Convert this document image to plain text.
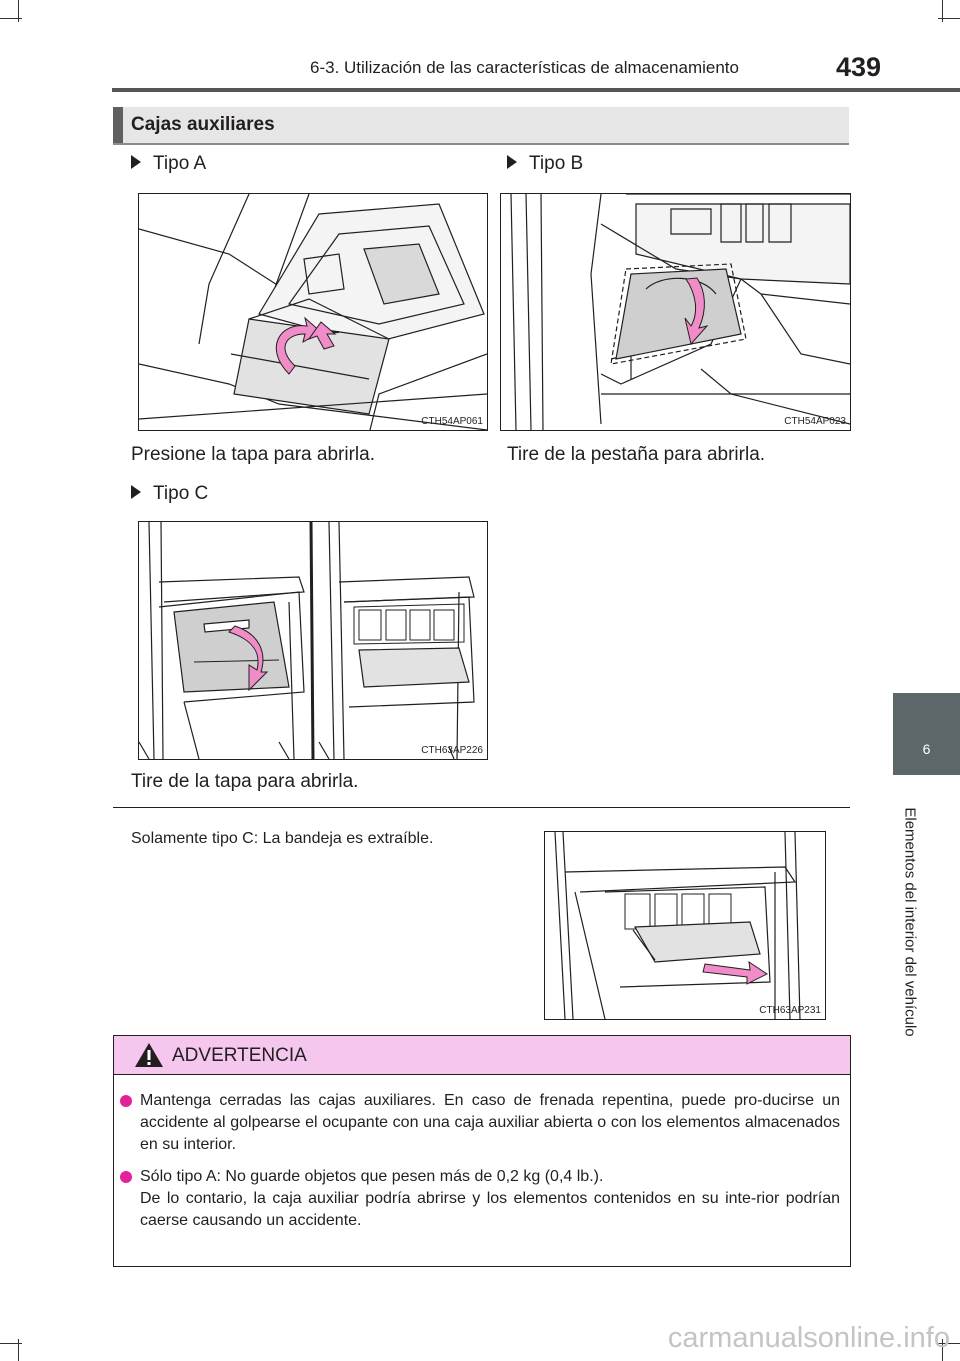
6-3. Utilización de las características de almacenamiento	439
Cajas auxiliares
Tipo A
CTH54AP061
Presione la tapa para abrirla.
Tipo B
CTH54AP023
Tire de la pestaña para abrirla.
Tipo C
CTH63AP226
Tire de la tapa para abrirla.
Solamente tipo C: La bandeja es extraíble.
CTH63AP231
ADVERTENCIA
Mantenga cerradas las cajas auxiliares. En caso de frenada repentina, puede pro-ducirse un accidente al golpearse el ocupante con una caja auxiliar abierta o con los elementos almacenados en su interior.
Sólo tipo A: No guarde objetos que pesen más de 0,2 kg (0,4 lb.).
De lo contario, la caja auxiliar podría abrirse y los elementos contenidos en su inte-rior podrían caerse causando un accidente.
6
Elementos del interior del vehículo
carmanualsonline.info
